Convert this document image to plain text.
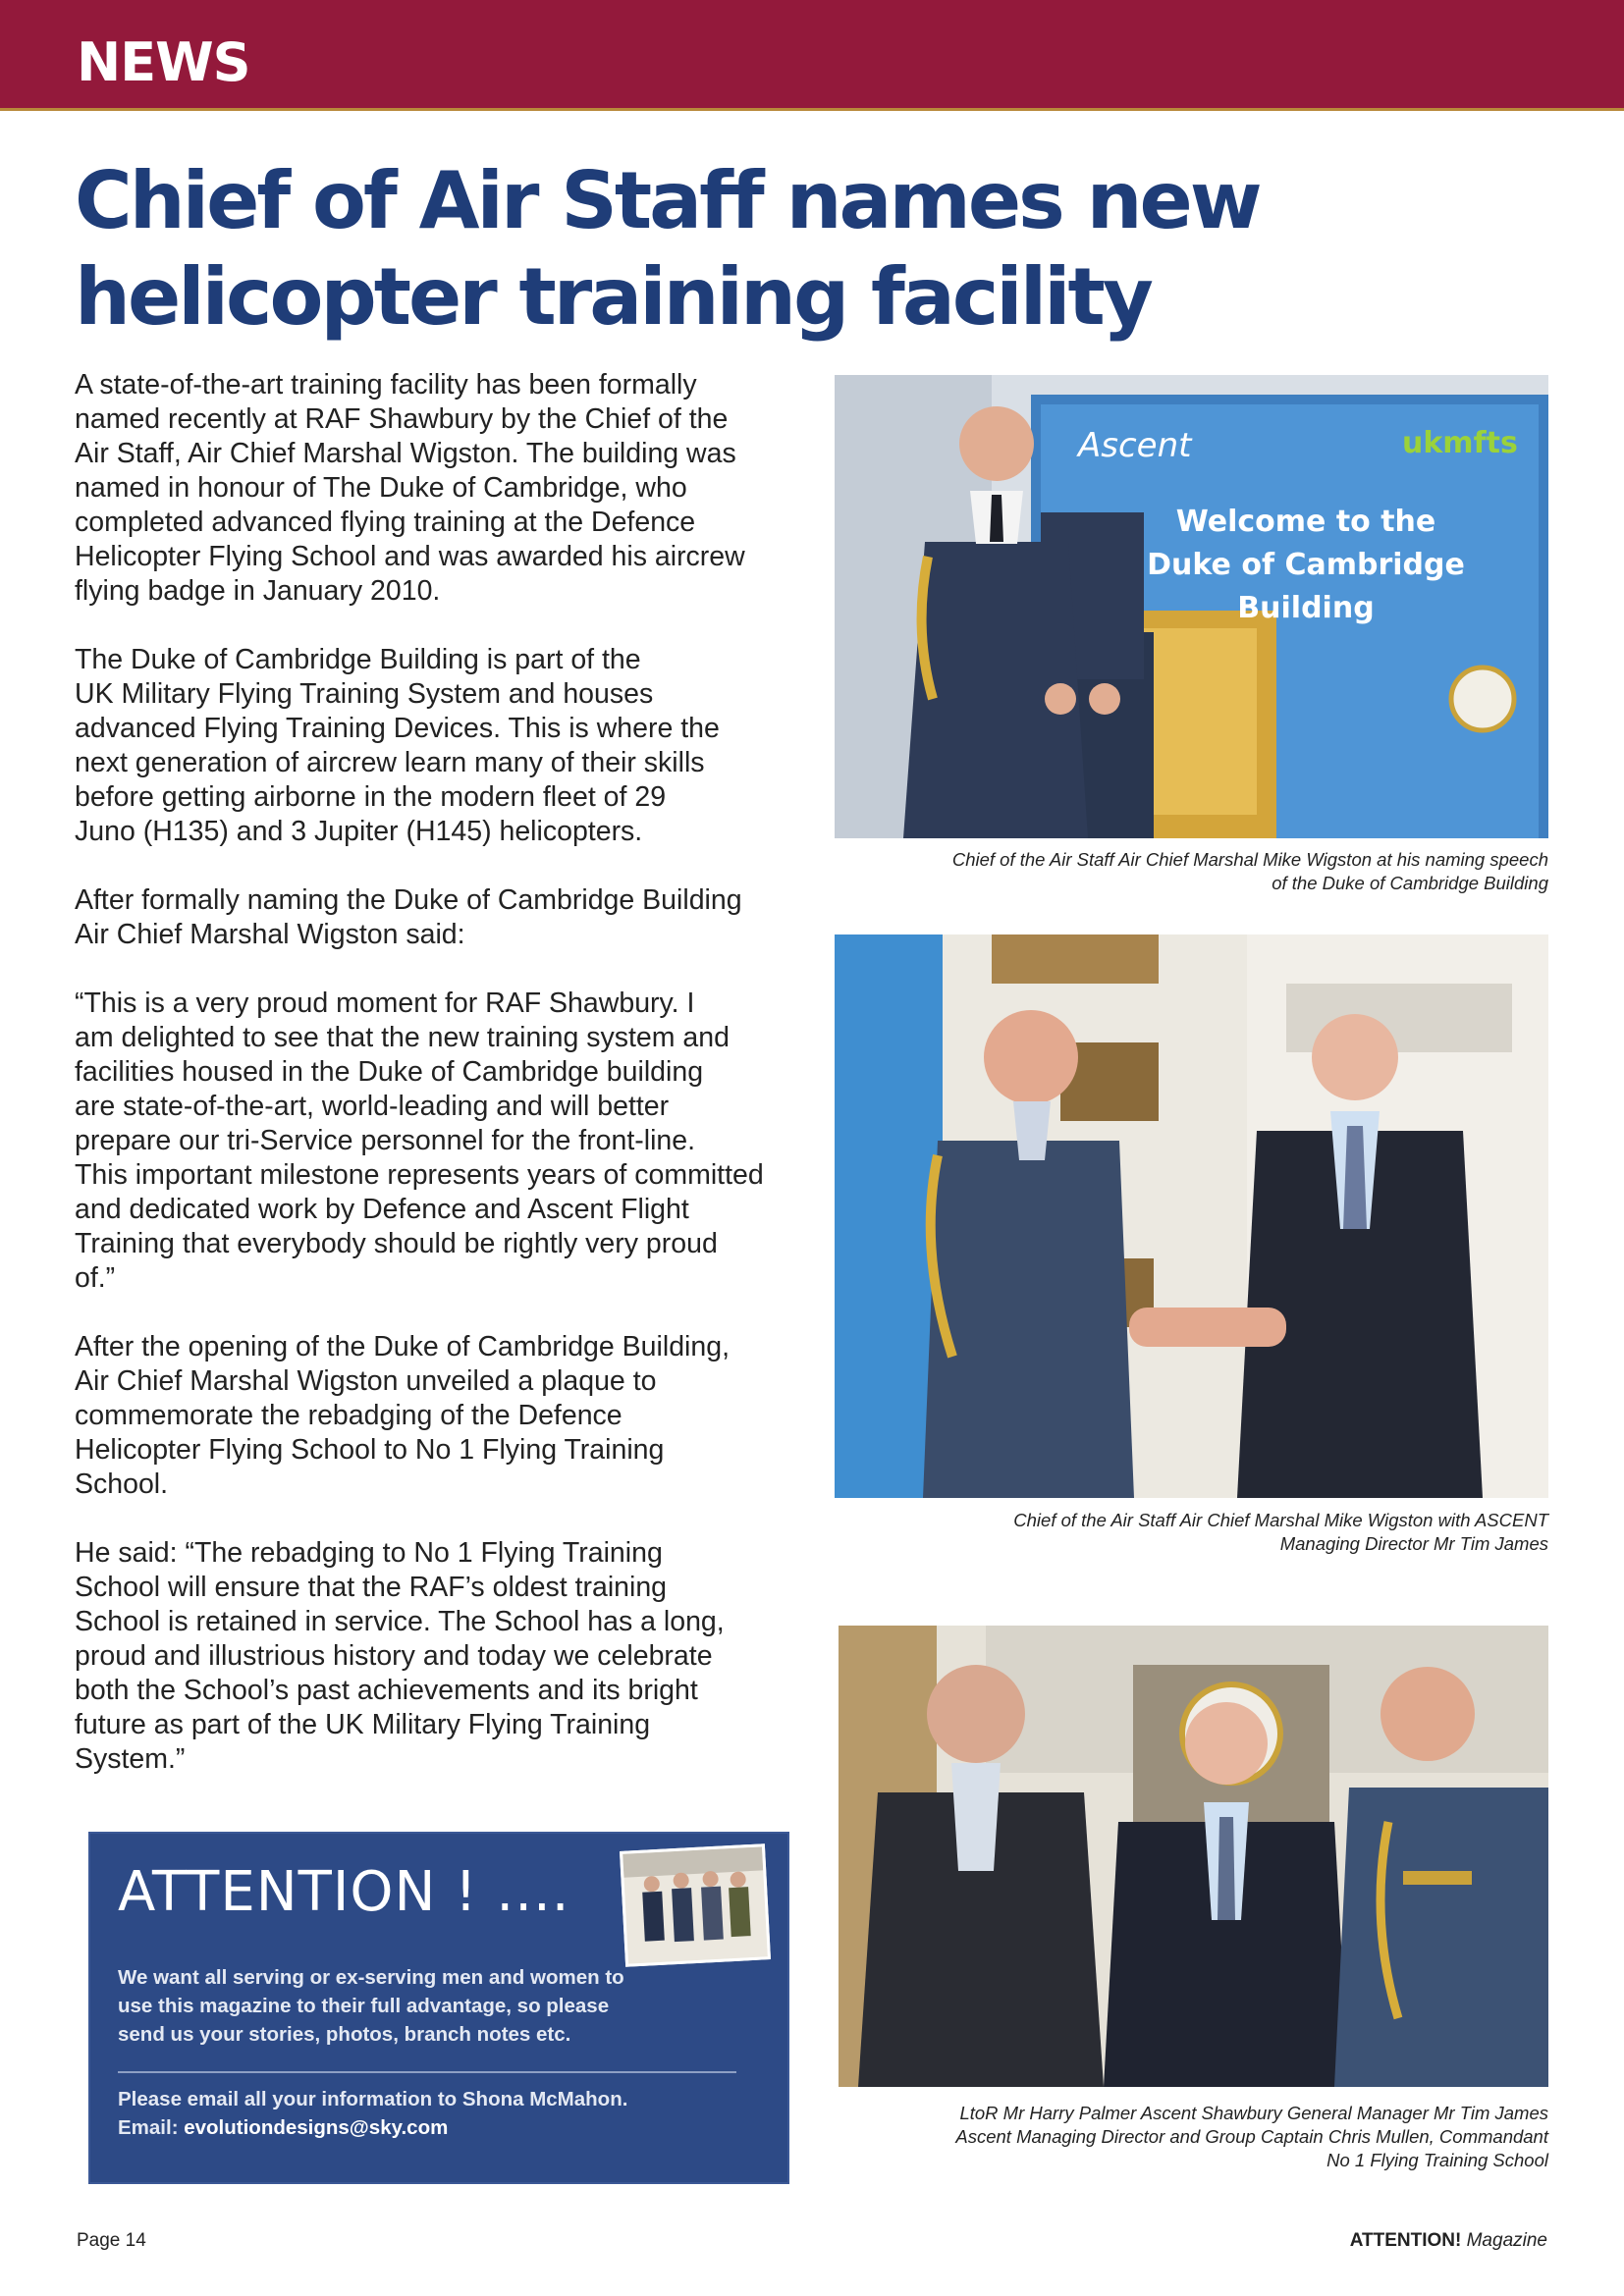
NEWS
Chief of Air Staff names new helicopter training facility

A state-of-the-art training facility has been formally
named recently at RAF Shawbury by the Chief of the
Air Staff, Air Chief Marshal Wigston. The building was
named in honour of The Duke of Cambridge, who
completed advanced flying training at the Defence
Helicopter Flying School and was awarded his aircrew
flying badge in January 2010.

The Duke of Cambridge Building is part of the
UK Military Flying Training System and houses
advanced Flying Training Devices. This is where the
next generation of aircrew learn many of their skills
before getting airborne in the modern fleet of 29
Juno (H135) and 3 Jupiter (H145) helicopters.

After formally naming the Duke of Cambridge Building
Air Chief Marshal Wigston said:

“This is a very proud moment for RAF Shawbury. I
am delighted to see that the new training system and
facilities housed in the Duke of Cambridge building
are state-of-the-art, world-leading and will better
prepare our tri-Service personnel for the front-line.
This important milestone represents years of committed
and dedicated work by Defence and Ascent Flight
Training that everybody should be rightly very proud
of.”

After the opening of the Duke of Cambridge Building,
Air Chief Marshal Wigston unveiled a plaque to
commemorate the rebadging of the Defence
Helicopter Flying School to No 1 Flying Training
School.

He said: “The rebadging to No 1 Flying Training
School will ensure that the RAF’s oldest training
School is retained in service. The School has a long,
proud and illustrious history and today we celebrate
both the School’s past achievements and its bright
future as part of the UK Military Flying Training
System.”

Ascent	ukmfts
Welcome to the
Duke of Cambridge Building
Chief of the Air Staff Air Chief Marshal Mike Wigston at his naming speech
of the Duke of Cambridge Building
Chief of the Air Staff Air Chief Marshal Mike Wigston with ASCENT
Managing Director Mr Tim James
LtoR Mr Harry Palmer Ascent Shawbury General Manager Mr Tim James
Ascent Managing Director and Group Captain Chris Mullen, Commandant
No 1 Flying Training School
ATTENTION ! ....
We want all serving or ex-serving men and women to
use this magazine to their full advantage, so please
send us your stories, photos, branch notes etc.
Please email all your information to Shona McMahon.
Email: evolutiondesigns@sky.com
Page 14	ATTENTION! Magazine
